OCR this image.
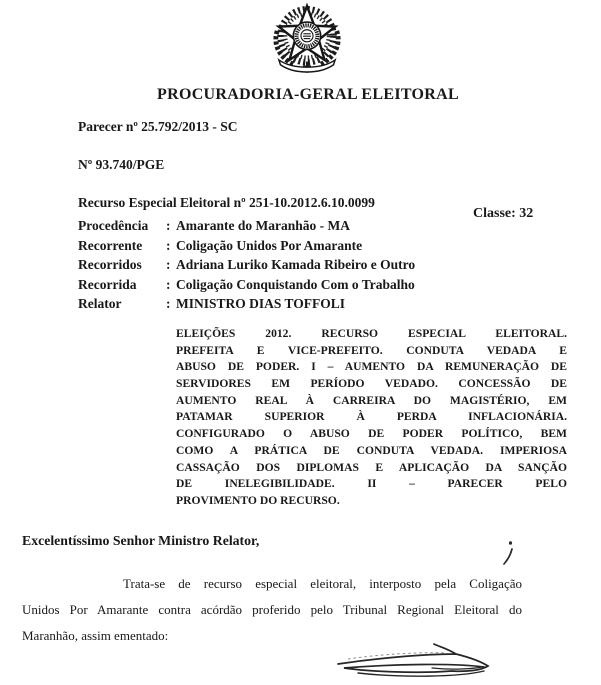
PROCURADORIA-GERAL ELEITORAL
Parecer nº 25.792/2013 - SC
Nº 93.740/PGE
Recurso Especial Eleitoral nº 251-10.2012.6.10.0099
Classe: 32
Procedência	: Amarante do Maranhão - MA
Recorrente	: Coligação Unidos Por Amarante
Recorridos	: Adriana Luriko Kamada Ribeiro e Outro
Recorrida	: Coligação Conquistando Com o Trabalho
Relator	: MINISTRO DIAS TOFFOLI
ELEIÇÕES 2012. RECURSO ESPECIAL ELEITORAL.
PREFEITA E VICE-PREFEITO. CONDUTA VEDADA E
ABUSO DE PODER. I – AUMENTO DA REMUNERAÇÃO DE
SERVIDORES EM PERÍODO VEDADO. CONCESSÃO DE
AUMENTO REAL À CARREIRA DO MAGISTÉRIO, EM
PATAMAR SUPERIOR À PERDA INFLACIONÁRIA.
CONFIGURADO O ABUSO DE PODER POLÍTICO, BEM
COMO A PRÁTICA DE CONDUTA VEDADA. IMPERIOSA
CASSAÇÃO DOS DIPLOMAS E APLICAÇÃO DA SANÇÃO
DE INELEGIBILIDADE. II – PARECER PELO
PROVIMENTO DO RECURSO.
Excelentíssimo Senhor Ministro Relator,
Trata-se de recurso especial eleitoral, interposto pela Coligação
Unidos Por Amarante contra acórdão proferido pelo Tribunal Regional Eleitoral do
Maranhão, assim ementado:
